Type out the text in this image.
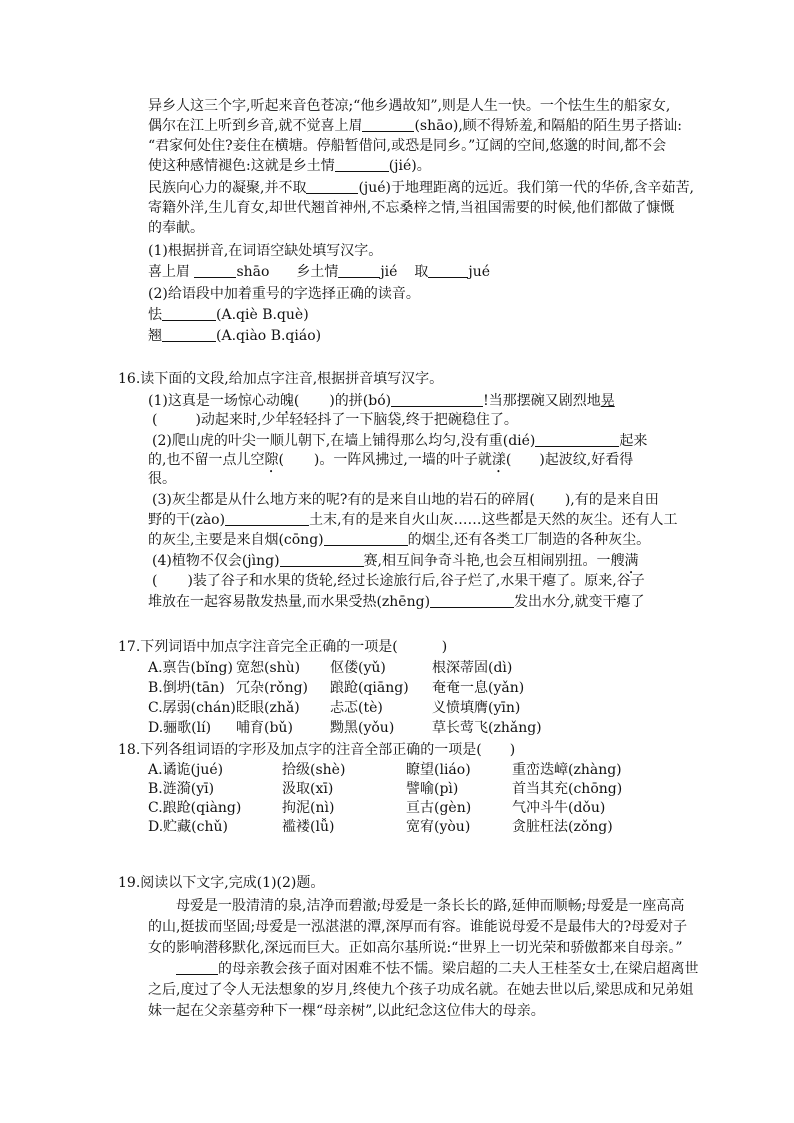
异乡人这三个字,听起来音色苍凉;“他乡遇故知”,则是人生一快。一个怯生生的船家女,
偶尔在江上听到乡音,就不觉喜上眉	(shāo),顾不得矫羞,和隔船的陌生男子搭讪:
“君家何处住?妾住在横塘。停船暂借问,或恐是同乡。”辽阔的空间,悠邈的时间,都不会
使这种感情褪色:这就是乡土情	(jié)。
民族向心力的凝聚,并不取	(jué)于地理距离的远近。我们第一代的华侨,含辛茹苦,
寄籍外洋,生儿育女,却世代翘首神州,不忘桑梓之情,当祖国需要的时候,他们都做了慷慨
的奉献。
(1)根据拼音,在词语空缺处填写汉字。
喜上眉	shāo 乡土情	jié 取	jué
(2)给语段中加着重号的字选择正确的读音。
怯	(A.qiè B.què)
翘	(A.qiào B.qiáo)
16.读下面的文段,给加点字注音,根据拼音填写汉字。
(1)这真是一场惊心动魄( )的拼(bó)	!当那摆碗又剧烈地晃
(	)动起来时,少年轻轻抖了一下脑袋,终于把碗稳住了。
(2)爬山虎的叶尖一顺儿朝下,在墙上铺得那么均匀,没有重(dié)	起来
的,也不留一点儿空隙( )。一阵风拂过,一墙的叶子就漾( )起波纹,好看得
很。
(3)灰尘都是从什么地方来的呢?有的是来自山地的岩石的碎屑( ),有的是来自田
野的干(zào)	土末,有的是来自火山灰……这些都是天然的灰尘。还有人工
的灰尘,主要是来自烟(cōng)	的烟尘,还有各类工厂制造的各种灰尘。
(4)植物不仅会(jìng)	赛,相互间争奇斗艳,也会互相闹别扭。一艘满
( )装了谷子和水果的货轮,经过长途旅行后,谷子烂了,水果干瘪了。原来,谷子
堆放在一起容易散发热量,而水果受热(zhēng)	发出水分,就变干瘪了
17.下列词语中加点字注音完全正确的一项是(	)
A.禀告(bǐng) 宽恕(shù) 伛偻(yǔ)	根深蒂固(dì)
B.倒坍(tān) 冗杂(rǒng) 踉跄(qiāng) 奄奄一息(yǎn)
C.孱弱(chán) 眨眼(zhǎ) 忐忑(tè)	义愤填膺(yīn)
D.骊歌(lí) 哺育(bǔ)	黝黑(yǒu)	草长莺飞(zhǎng)
18.下列各组词语的字形及加点字的注音全部正确的一项是( )
A.谲诡(jué)	拾级(shè)	瞭望(liáo)	重峦迭嶂(zhàng)
B.涟漪(yī)	汲取(xī)	譬喻(pì)	首当其充(chōng)
C.踉跄(qiàng)	拘泥(nì)	亘古(gèn)	气冲斗牛(dǒu)
D.贮藏(chǔ)	褴褛(lǚ)	宽宥(yòu)	贪脏枉法(zǒng)
19.阅读以下文字,完成(1)(2)题。
母爱是一股清清的泉,洁净而碧澈;母爱是一条长长的路,延伸而顺畅;母爱是一座高高
的山,挺拔而坚固;母爱是一泓湛湛的潭,深厚而有容。谁能说母爱不是最伟大的?母爱对子
女的影响潜移默化,深远而巨大。正如高尔基所说:“世界上一切光荣和骄傲都来自母亲。”
的母亲教会孩子面对困难不怯不懦。梁启超的二夫人王桂荃女士,在梁启超离世
之后,度过了令人无法想象的岁月,终使九个孩子功成名就。在她去世以后,梁思成和兄弟姐
妹一起在父亲墓旁种下一棵“母亲树”,以此纪念这位伟大的母亲。
